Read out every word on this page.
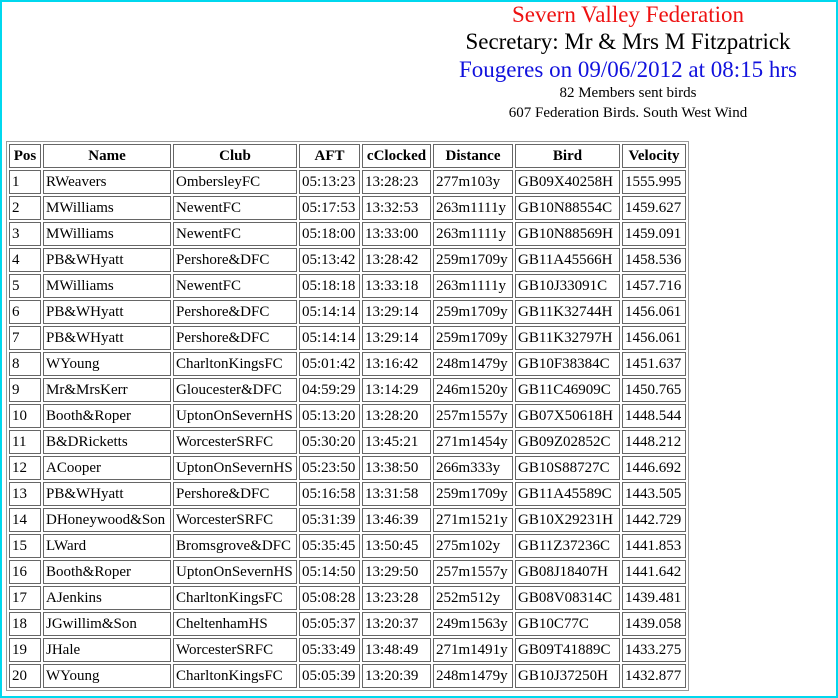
Severn Valley Federation
Secretary: Mr & Mrs M Fitzpatrick
Fougeres on 09/06/2012 at 08:15 hrs
82 Members sent birds
607 Federation Birds. South West Wind
Pos	Name	Club	AFT	cClocked	Distance	Bird	Velocity
1	RWeavers	OmbersleyFC	05:13:23	13:28:23	277m103y	GB09X40258H	1555.995
2	MWilliams	NewentFC	05:17:53	13:32:53	263m1111y	GB10N88554C	1459.627
3	MWilliams	NewentFC	05:18:00	13:33:00	263m1111y	GB10N88569H	1459.091
4	PB&WHyatt	Pershore&DFC	05:13:42	13:28:42	259m1709y	GB11A45566H	1458.536
5	MWilliams	NewentFC	05:18:18	13:33:18	263m1111y	GB10J33091C	1457.716
6	PB&WHyatt	Pershore&DFC	05:14:14	13:29:14	259m1709y	GB11K32744H	1456.061
7	PB&WHyatt	Pershore&DFC	05:14:14	13:29:14	259m1709y	GB11K32797H	1456.061
8	WYoung	CharltonKingsFC	05:01:42	13:16:42	248m1479y	GB10F38384C	1451.637
9	Mr&MrsKerr	Gloucester&DFC	04:59:29	13:14:29	246m1520y	GB11C46909C	1450.765
10	Booth&Roper	UptonOnSevernHS	05:13:20	13:28:20	257m1557y	GB07X50618H	1448.544
11	B&DRicketts	WorcesterSRFC	05:30:20	13:45:21	271m1454y	GB09Z02852C	1448.212
12	ACooper	UptonOnSevernHS	05:23:50	13:38:50	266m333y	GB10S88727C	1446.692
13	PB&WHyatt	Pershore&DFC	05:16:58	13:31:58	259m1709y	GB11A45589C	1443.505
14	DHoneywood&Son	WorcesterSRFC	05:31:39	13:46:39	271m1521y	GB10X29231H	1442.729
15	LWard	Bromsgrove&DFC	05:35:45	13:50:45	275m102y	GB11Z37236C	1441.853
16	Booth&Roper	UptonOnSevernHS	05:14:50	13:29:50	257m1557y	GB08J18407H	1441.642
17	AJenkins	CharltonKingsFC	05:08:28	13:23:28	252m512y	GB08V08314C	1439.481
18	JGwillim&Son	CheltenhamHS	05:05:37	13:20:37	249m1563y	GB10C77C	1439.058
19	JHale	WorcesterSRFC	05:33:49	13:48:49	271m1491y	GB09T41889C	1433.275
20	WYoung	CharltonKingsFC	05:05:39	13:20:39	248m1479y	GB10J37250H	1432.877
